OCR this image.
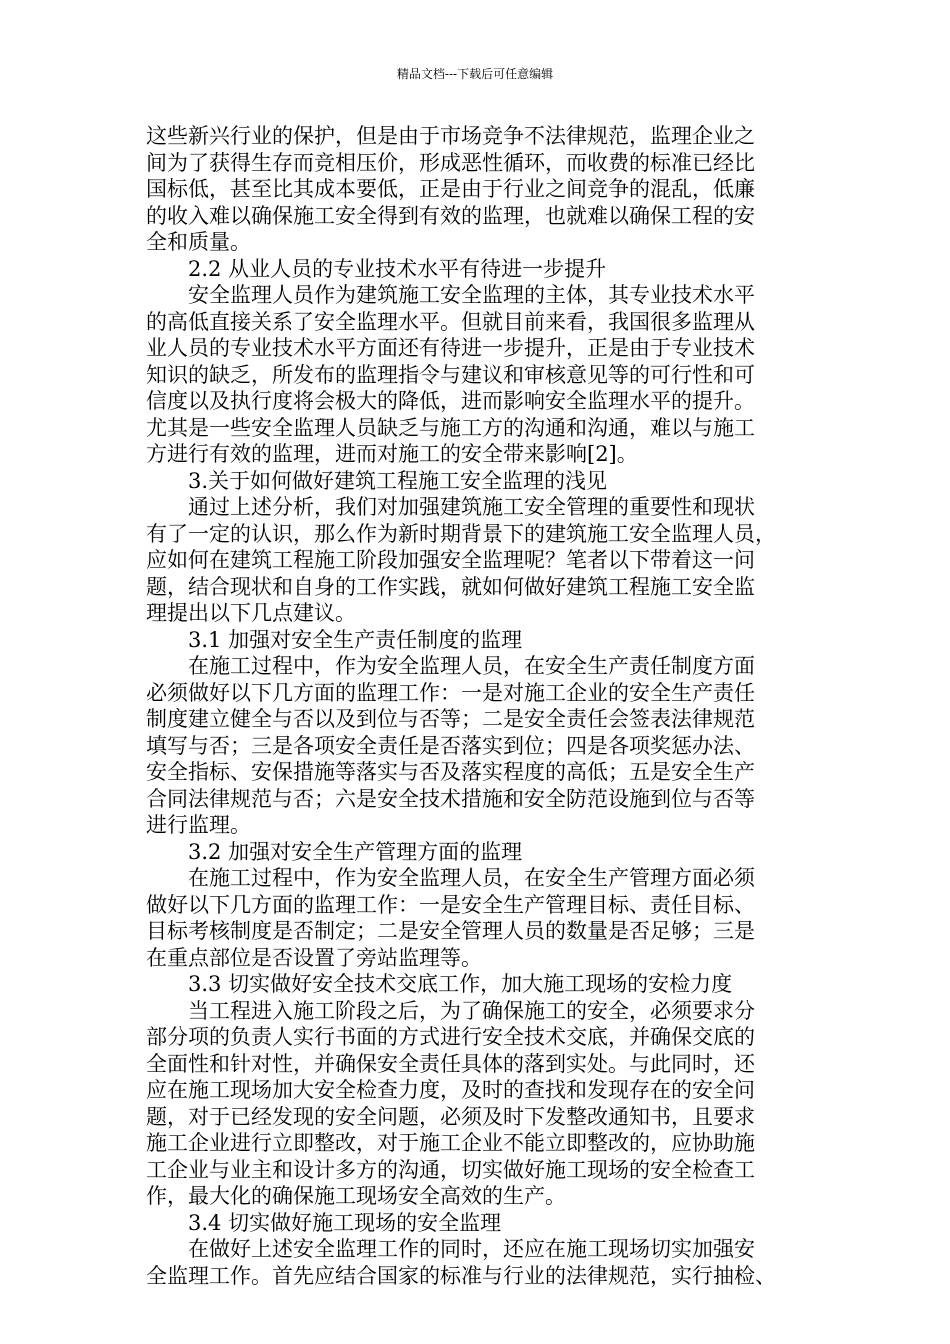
精品文档---下载后可任意编辑
这些新兴行业的保护，但是由于市场竞争不法律规范，监理企业之
间为了获得生存而竞相压价，形成恶性循环，而收费的标准已经比
国标低，甚至比其成本要低，正是由于行业之间竞争的混乱，低廉
的收入难以确保施工安全得到有效的监理，也就难以确保工程的安
全和质量。
2.2 从业人员的专业技术水平有待进一步提升
安全监理人员作为建筑施工安全监理的主体，其专业技术水平
的高低直接关系了安全监理水平。但就目前来看，我国很多监理从
业人员的专业技术水平方面还有待进一步提升，正是由于专业技术
知识的缺乏，所发布的监理指令与建议和审核意见等的可行性和可
信度以及执行度将会极大的降低，进而影响安全监理水平的提升。
尤其是一些安全监理人员缺乏与施工方的沟通和沟通，难以与施工
方进行有效的监理，进而对施工的安全带来影响[2]。
3.关于如何做好建筑工程施工安全监理的浅见
通过上述分析，我们对加强建筑施工安全管理的重要性和现状
有了一定的认识，那么作为新时期背景下的建筑施工安全监理人员，
应如何在建筑工程施工阶段加强安全监理呢？笔者以下带着这一问
题，结合现状和自身的工作实践，就如何做好建筑工程施工安全监
理提出以下几点建议。
3.1 加强对安全生产责任制度的监理
在施工过程中，作为安全监理人员，在安全生产责任制度方面
必须做好以下几方面的监理工作：一是对施工企业的安全生产责任
制度建立健全与否以及到位与否等；二是安全责任会签表法律规范
填写与否；三是各项安全责任是否落实到位；四是各项奖惩办法、
安全指标、安保措施等落实与否及落实程度的高低；五是安全生产
合同法律规范与否；六是安全技术措施和安全防范设施到位与否等
进行监理。
3.2 加强对安全生产管理方面的监理
在施工过程中，作为安全监理人员，在安全生产管理方面必须
做好以下几方面的监理工作：一是安全生产管理目标、责任目标、
目标考核制度是否制定；二是安全管理人员的数量是否足够；三是
在重点部位是否设置了旁站监理等。
3.3 切实做好安全技术交底工作，加大施工现场的安检力度
当工程进入施工阶段之后，为了确保施工的安全，必须要求分
部分项的负责人实行书面的方式进行安全技术交底，并确保交底的
全面性和针对性，并确保安全责任具体的落到实处。与此同时，还
应在施工现场加大安全检查力度，及时的查找和发现存在的安全问
题，对于已经发现的安全问题，必须及时下发整改通知书，且要求
施工企业进行立即整改，对于施工企业不能立即整改的，应协助施
工企业与业主和设计多方的沟通，切实做好施工现场的安全检查工
作，最大化的确保施工现场安全高效的生产。
3.4 切实做好施工现场的安全监理
在做好上述安全监理工作的同时，还应在施工现场切实加强安
全监理工作。首先应结合国家的标准与行业的法律规范，实行抽检、
